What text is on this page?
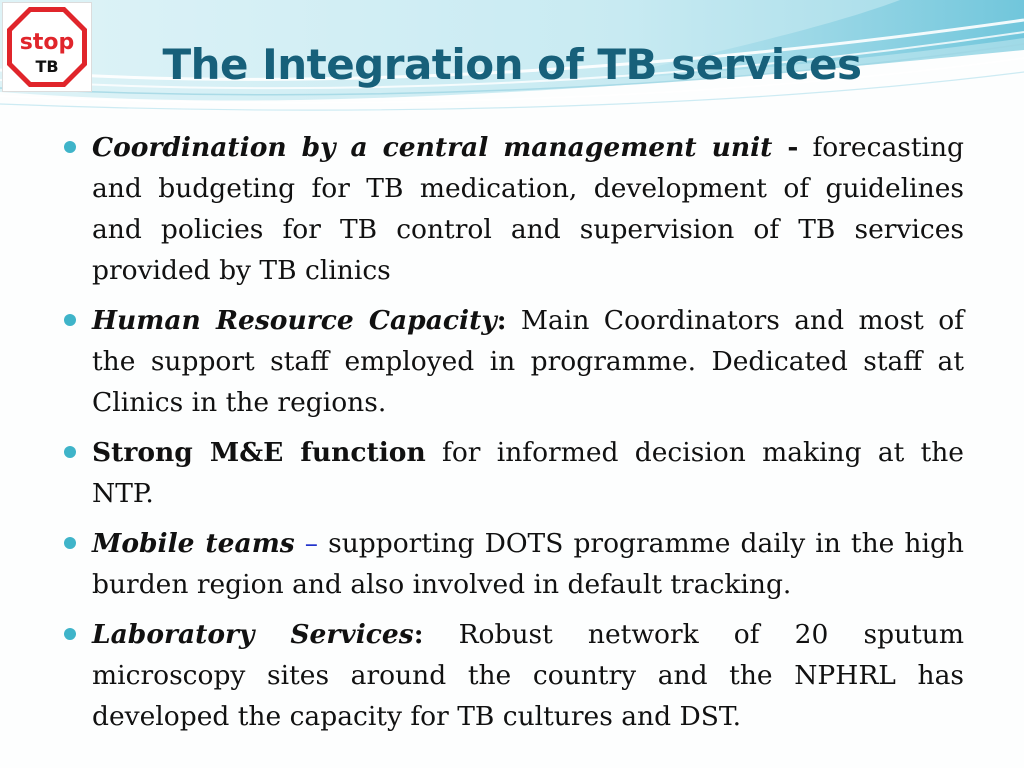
stop
TB	The Integration of TB services
Coordination by a central management unit - forecasting and budgeting for TB medication, development of guidelines and policies for TB control and supervision of TB services provided by TB clinics
Human Resource Capacity: Main Coordinators and most of the support staff employed in programme. Dedicated staff at Clinics in the regions.
Strong M&E function for informed decision making at the NTP.
Mobile teams – supporting DOTS programme daily in the high burden region and also involved in default tracking.
Laboratory Services: Robust network of 20 sputum microscopy sites around the country and the NPHRL has developed the capacity for TB cultures and DST.
